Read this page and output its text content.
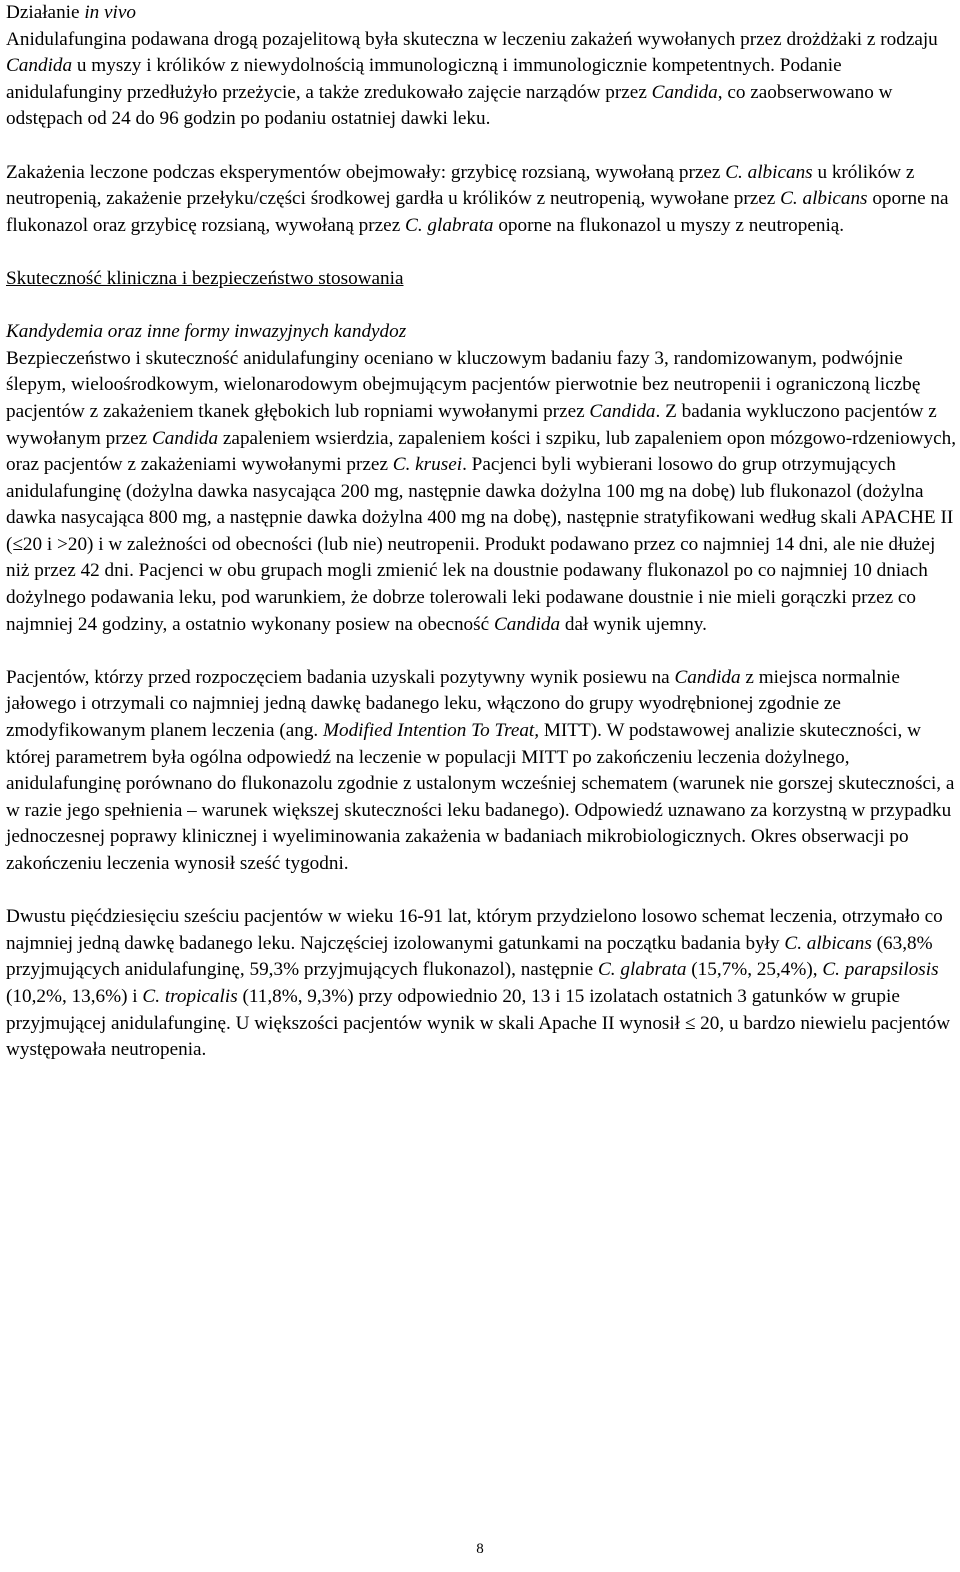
Działanie in vivo

Anidulafungina podawana drogą pozajelitową była skuteczna w leczeniu zakażeń wywołanych przez drożdżaki z rodzaju Candida u myszy i królików z niewydolnością immunologiczną i immunologicznie kompetentnych. Podanie anidulafunginy przedłużyło przeżycie, a także zredukowało zajęcie narządów przez Candida, co zaobserwowano w odstępach od 24 do 96 godzin po podaniu ostatniej dawki leku.

Zakażenia leczone podczas eksperymentów obejmowały: grzybicę rozsianą, wywołaną przez C. albicans u królików z neutropenią, zakażenie przełyku/części środkowej gardła u królików z neutropenią, wywołane przez C. albicans oporne na flukonazol oraz grzybicę rozsianą, wywołaną przez C. glabrata oporne na flukonazol u myszy z neutropenią.

Skuteczność kliniczna i bezpieczeństwo stosowania

Kandydemia oraz inne formy inwazyjnych kandydoz

Bezpieczeństwo i skuteczność anidulafunginy oceniano w kluczowym badaniu fazy 3, randomizowanym, podwójnie ślepym, wieloośrodkowym, wielonarodowym obejmującym pacjentów pierwotnie bez neutropenii i ograniczoną liczbę pacjentów z zakażeniem tkanek głębokich lub ropniami wywołanymi przez Candida. Z badania wykluczono pacjentów z wywołanym przez Candida zapaleniem wsierdzia, zapaleniem kości i szpiku, lub zapaleniem opon mózgowo-rdzeniowych, oraz pacjentów z zakażeniami wywołanymi przez C. krusei. Pacjenci byli wybierani losowo do grup otrzymujących anidulafunginę (dożylna dawka nasycająca 200 mg, następnie dawka dożylna 100 mg na dobę) lub flukonazol (dożylna dawka nasycająca 800 mg, a następnie dawka dożylna 400 mg na dobę), następnie stratyfikowani według skali APACHE II (≤20 i >20) i w zależności od obecności (lub nie) neutropenii. Produkt podawano przez co najmniej 14 dni, ale nie dłużej niż przez 42 dni. Pacjenci w obu grupach mogli zmienić lek na doustnie podawany flukonazol po co najmniej 10 dniach dożylnego podawania leku, pod warunkiem, że dobrze tolerowali leki podawane doustnie i nie mieli gorączki przez co najmniej 24 godziny, a ostatnio wykonany posiew na obecność Candida dał wynik ujemny.

Pacjentów, którzy przed rozpoczęciem badania uzyskali pozytywny wynik posiewu na Candida z miejsca normalnie jałowego i otrzymali co najmniej jedną dawkę badanego leku, włączono do grupy wyodrębnionej zgodnie ze zmodyfikowanym planem leczenia (ang. Modified Intention To Treat, MITT). W podstawowej analizie skuteczności, w której parametrem była ogólna odpowiedź na leczenie w populacji MITT po zakończeniu leczenia dożylnego, anidulafunginę porównano do flukonazolu zgodnie z ustalonym wcześniej schematem (warunek nie gorszej skuteczności, a w razie jego spełnienia – warunek większej skuteczności leku badanego). Odpowiedź uznawano za korzystną w przypadku jednoczesnej poprawy klinicznej i wyeliminowania zakażenia w badaniach mikrobiologicznych. Okres obserwacji po zakończeniu leczenia wynosił sześć tygodni.

Dwustu pięćdziesięciu sześciu pacjentów w wieku 16-91 lat, którym przydzielono losowo schemat leczenia, otrzymało co najmniej jedną dawkę badanego leku. Najczęściej izolowanymi gatunkami na początku badania były C. albicans (63,8% przyjmujących anidulafunginę, 59,3% przyjmujących flukonazol), następnie C. glabrata (15,7%, 25,4%), C. parapsilosis (10,2%, 13,6%) i C. tropicalis (11,8%, 9,3%) przy odpowiednio 20, 13 i 15 izolatach ostatnich 3 gatunków w grupie przyjmującej anidulafunginę. U większości pacjentów wynik w skali Apache II wynosił ≤ 20, u bardzo niewielu pacjentów występowała neutropenia.

8
